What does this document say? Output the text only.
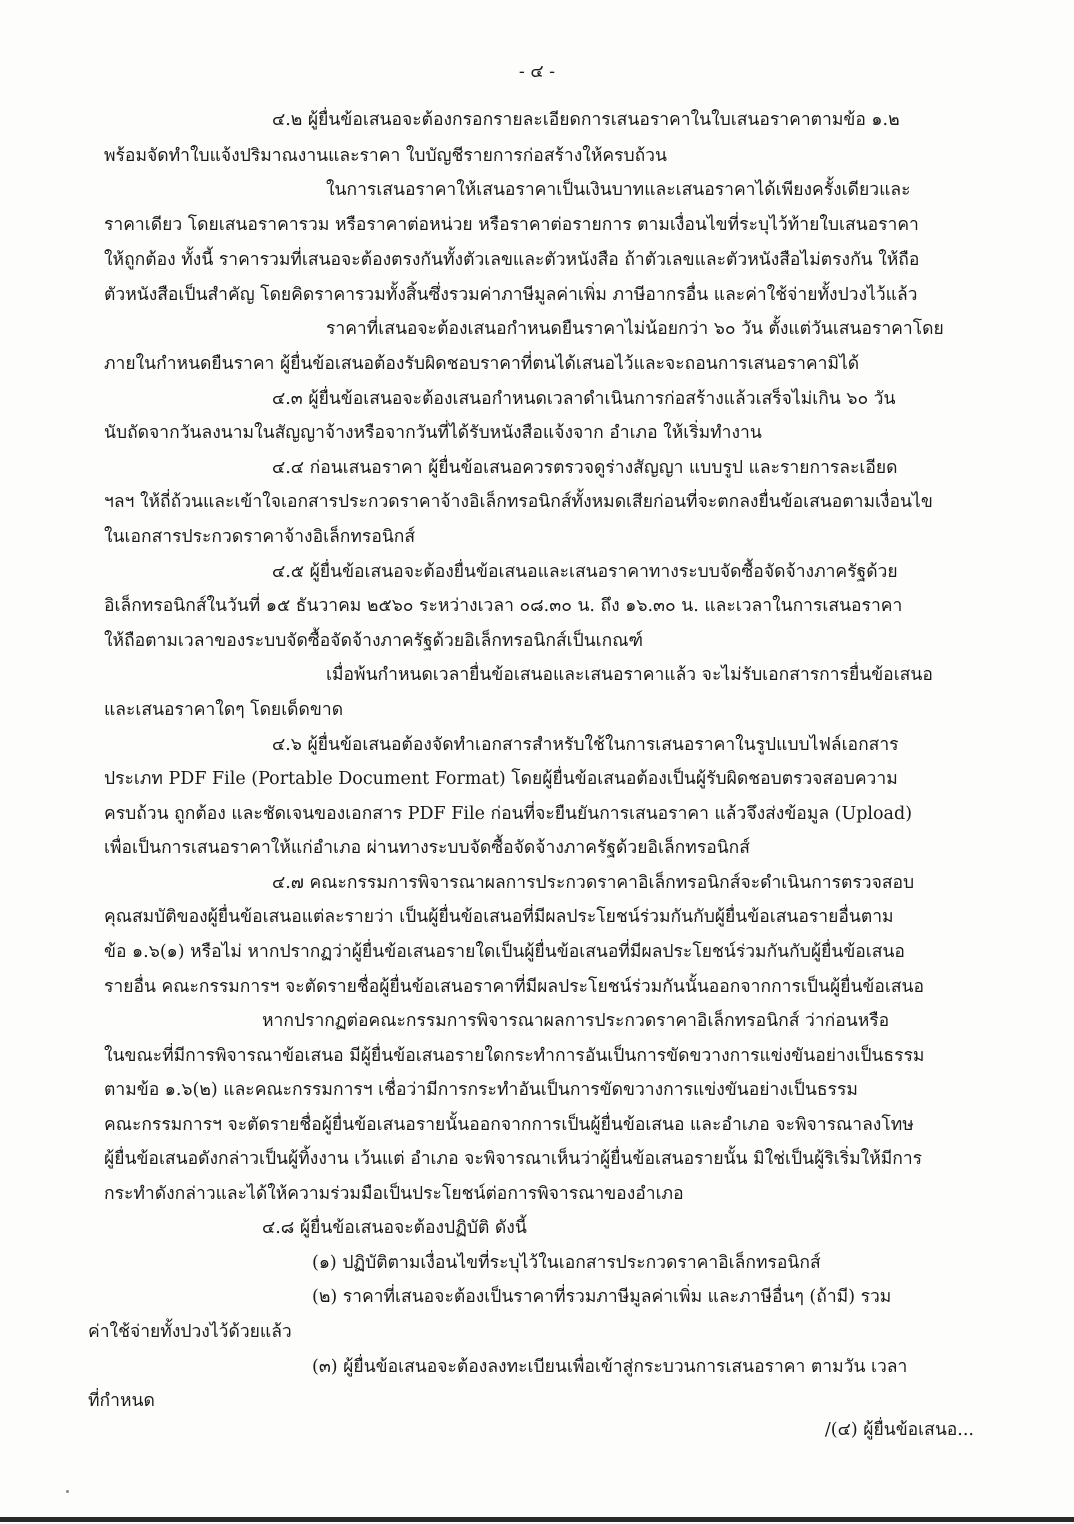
- ๔ -
๔.๒ ผู้ยื่นข้อเสนอจะต้องกรอกรายละเอียดการเสนอราคาในใบเสนอราคาตามข้อ ๑.๒
พร้อมจัดทำใบแจ้งปริมาณงานและราคา ใบบัญชีรายการก่อสร้างให้ครบถ้วน
ในการเสนอราคาให้เสนอราคาเป็นเงินบาทและเสนอราคาได้เพียงครั้งเดียวและ
ราคาเดียว โดยเสนอราคารวม หรือราคาต่อหน่วย หรือราคาต่อรายการ ตามเงื่อนไขที่ระบุไว้ท้ายใบเสนอราคา
ให้ถูกต้อง ทั้งนี้ ราคารวมที่เสนอจะต้องตรงกันทั้งตัวเลขและตัวหนังสือ ถ้าตัวเลขและตัวหนังสือไม่ตรงกัน ให้ถือ
ตัวหนังสือเป็นสำคัญ โดยคิดราคารวมทั้งสิ้นซึ่งรวมค่าภาษีมูลค่าเพิ่ม ภาษีอากรอื่น และค่าใช้จ่ายทั้งปวงไว้แล้ว
ราคาที่เสนอจะต้องเสนอกำหนดยืนราคาไม่น้อยกว่า ๖๐ วัน ตั้งแต่วันเสนอราคาโดย
ภายในกำหนดยืนราคา ผู้ยื่นข้อเสนอต้องรับผิดชอบราคาที่ตนได้เสนอไว้และจะถอนการเสนอราคามิได้
๔.๓ ผู้ยื่นข้อเสนอจะต้องเสนอกำหนดเวลาดำเนินการก่อสร้างแล้วเสร็จไม่เกิน ๖๐ วัน
นับถัดจากวันลงนามในสัญญาจ้างหรือจากวันที่ได้รับหนังสือแจ้งจาก อำเภอ ให้เริ่มทำงาน
๔.๔ ก่อนเสนอราคา ผู้ยื่นข้อเสนอควรตรวจดูร่างสัญญา แบบรูป และรายการละเอียด
ฯลฯ ให้ถี่ถ้วนและเข้าใจเอกสารประกวดราคาจ้างอิเล็กทรอนิกส์ทั้งหมดเสียก่อนที่จะตกลงยื่นข้อเสนอตามเงื่อนไข
ในเอกสารประกวดราคาจ้างอิเล็กทรอนิกส์
๔.๕ ผู้ยื่นข้อเสนอจะต้องยื่นข้อเสนอและเสนอราคาทางระบบจัดซื้อจัดจ้างภาครัฐด้วย
อิเล็กทรอนิกส์ในวันที่ ๑๕ ธันวาคม ๒๕๖๐ ระหว่างเวลา ๐๘.๓๐ น. ถึง ๑๖.๓๐ น. และเวลาในการเสนอราคา
ให้ถือตามเวลาของระบบจัดซื้อจัดจ้างภาครัฐด้วยอิเล็กทรอนิกส์เป็นเกณฑ์
เมื่อพ้นกำหนดเวลายื่นข้อเสนอและเสนอราคาแล้ว จะไม่รับเอกสารการยื่นข้อเสนอ
และเสนอราคาใดๆ โดยเด็ดขาด
๔.๖ ผู้ยื่นข้อเสนอต้องจัดทำเอกสารสำหรับใช้ในการเสนอราคาในรูปแบบไฟล์เอกสาร
ประเภท PDF File (Portable Document Format) โดยผู้ยื่นข้อเสนอต้องเป็นผู้รับผิดชอบตรวจสอบความ
ครบถ้วน ถูกต้อง และชัดเจนของเอกสาร PDF File ก่อนที่จะยืนยันการเสนอราคา แล้วจึงส่งข้อมูล (Upload)
เพื่อเป็นการเสนอราคาให้แก่อำเภอ ผ่านทางระบบจัดซื้อจัดจ้างภาครัฐด้วยอิเล็กทรอนิกส์
๔.๗ คณะกรรมการพิจารณาผลการประกวดราคาอิเล็กทรอนิกส์จะดำเนินการตรวจสอบ
คุณสมบัติของผู้ยื่นข้อเสนอแต่ละรายว่า เป็นผู้ยื่นข้อเสนอที่มีผลประโยชน์ร่วมกันกับผู้ยื่นข้อเสนอรายอื่นตาม
ข้อ ๑.๖(๑) หรือไม่ หากปรากฏว่าผู้ยื่นข้อเสนอรายใดเป็นผู้ยื่นข้อเสนอที่มีผลประโยชน์ร่วมกันกับผู้ยื่นข้อเสนอ
รายอื่น คณะกรรมการฯ จะตัดรายชื่อผู้ยื่นข้อเสนอราคาที่มีผลประโยชน์ร่วมกันนั้นออกจากการเป็นผู้ยื่นข้อเสนอ
หากปรากฏต่อคณะกรรมการพิจารณาผลการประกวดราคาอิเล็กทรอนิกส์ ว่าก่อนหรือ
ในขณะที่มีการพิจารณาข้อเสนอ มีผู้ยื่นข้อเสนอรายใดกระทำการอันเป็นการขัดขวางการแข่งขันอย่างเป็นธรรม
ตามข้อ ๑.๖(๒) และคณะกรรมการฯ เชื่อว่ามีการกระทำอันเป็นการขัดขวางการแข่งขันอย่างเป็นธรรม
คณะกรรมการฯ จะตัดรายชื่อผู้ยื่นข้อเสนอรายนั้นออกจากการเป็นผู้ยื่นข้อเสนอ และอำเภอ จะพิจารณาลงโทษ
ผู้ยื่นข้อเสนอดังกล่าวเป็นผู้ทิ้งงาน เว้นแต่ อำเภอ จะพิจารณาเห็นว่าผู้ยื่นข้อเสนอรายนั้น มิใช่เป็นผู้ริเริ่มให้มีการ
กระทำดังกล่าวและได้ให้ความร่วมมือเป็นประโยชน์ต่อการพิจารณาของอำเภอ
๔.๘ ผู้ยื่นข้อเสนอจะต้องปฏิบัติ ดังนี้
(๑) ปฏิบัติตามเงื่อนไขที่ระบุไว้ในเอกสารประกวดราคาอิเล็กทรอนิกส์
(๒) ราคาที่เสนอจะต้องเป็นราคาที่รวมภาษีมูลค่าเพิ่ม และภาษีอื่นๆ (ถ้ามี) รวม
ค่าใช้จ่ายทั้งปวงไว้ด้วยแล้ว
(๓) ผู้ยื่นข้อเสนอจะต้องลงทะเบียนเพื่อเข้าสู่กระบวนการเสนอราคา ตามวัน เวลา
ที่กำหนด
/(๔) ผู้ยื่นข้อเสนอ...
